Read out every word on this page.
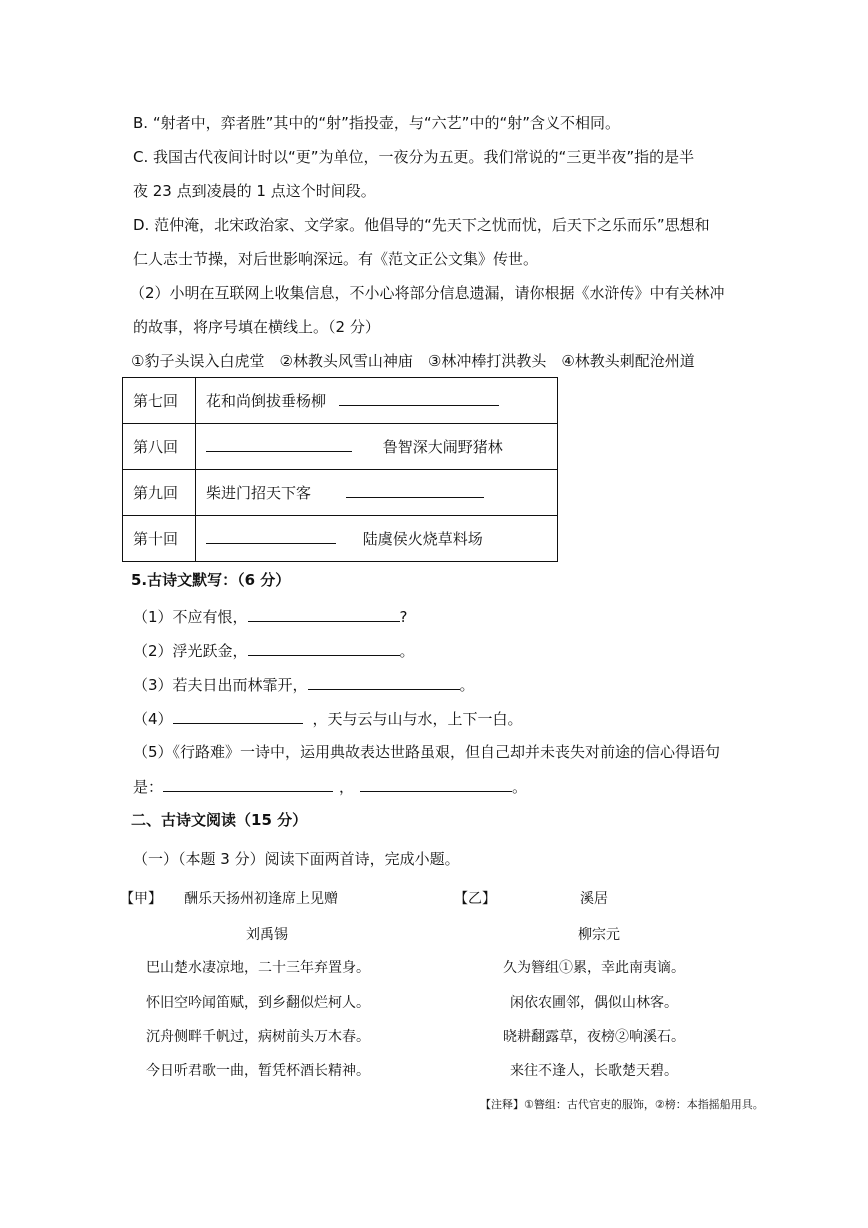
B. “射者中，弈者胜”其中的“射”指投壶，与“六艺”中的“射”含义不相同。
C. 我国古代夜间计时以“更”为单位，一夜分为五更。我们常说的“三更半夜”指的是半
夜 23 点到凌晨的 1 点这个时间段。
D. 范仲淹，北宋政治家、文学家。他倡导的“先天下之忧而忧，后天下之乐而乐”思想和
仁人志士节操，对后世影响深远。有《范文正公文集》传世。
（2）小明在互联网上收集信息，不小心将部分信息遗漏，请你根据《水浒传》中有关林冲
的故事，将序号填在横线上。（2 分）
①豹子头误入白虎堂　②林教头风雪山神庙　③林冲棒打洪教头　④林教头刺配沧州道
第七回	花和尚倒拔垂杨柳
第八回	鲁智深大闹野猪林
第九回	柴进门招天下客
第十回	陆虞侯火烧草料场
5.古诗文默写：（6 分）
（1）不应有恨，	?
（2）浮光跃金，	。
（3）若夫日出而林霏开，	。
（4）	，天与云与山与水，上下一白。
（5）《行路难》一诗中，运用典故表达世路虽艰，但自己却并未丧失对前途的信心得语句
是：	，	。
二、古诗文阅读（15 分）
（一）（本题 3 分）阅读下面两首诗，完成小题。
【甲】 酬乐天扬州初逢席上见赠
刘禹锡
巴山楚水凄凉地，二十三年弃置身。
怀旧空吟闻笛赋，到乡翻似烂柯人。
沉舟侧畔千帆过，病树前头万木春。
今日听君歌一曲，暂凭杯酒长精神。
【乙】	溪居
柳宗元
久为簪组①累，幸此南夷谪。
闲依农圃邻，偶似山林客。
晓耕翻露草，夜榜②响溪石。
来往不逢人，长歌楚天碧。
【注释】①簪组：古代官吏的服饰，②榜：本指摇船用具。
